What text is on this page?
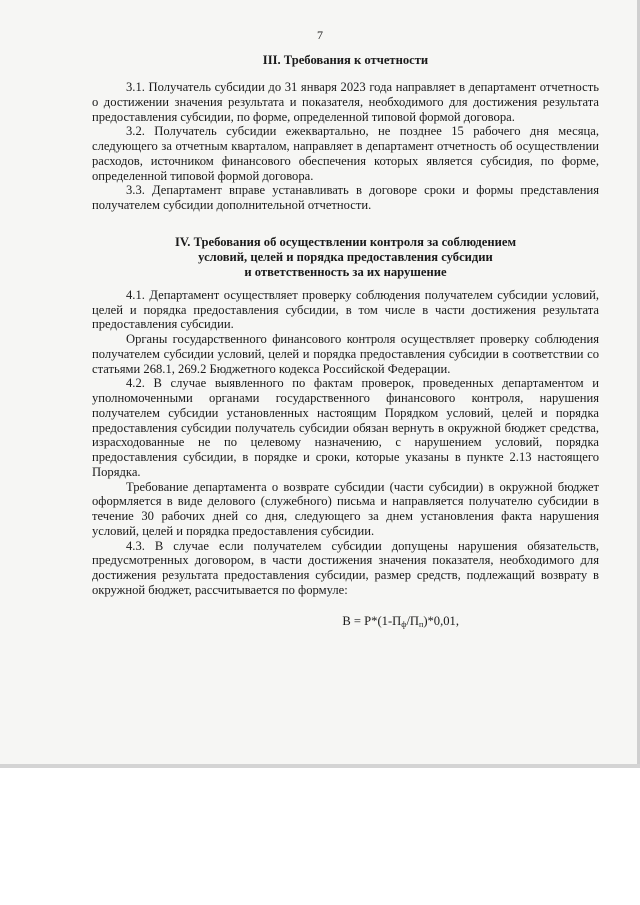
7
III. Требования к отчетности

3.1. Получатель субсидии до 31 января 2023 года направляет в департамент отчетность о достижении значения результата и показателя, необходимого для достижения результата предоставления субсидии, по форме, определенной типовой формой договора.

3.2. Получатель субсидии ежеквартально, не позднее 15 рабочего дня месяца, следующего за отчетным кварталом, направляет в департамент отчетность об осуществлении расходов, источником финансового обеспечения которых является субсидия, по форме, определенной типовой формой договора.

3.3. Департамент вправе устанавливать в договоре сроки и формы представления получателем субсидии дополнительной отчетности.

IV. Требования об осуществлении контроля за соблюдением
условий, целей и порядка предоставления субсидии
и ответственность за их нарушение

4.1. Департамент осуществляет проверку соблюдения получателем субсидии условий, целей и порядка предоставления субсидии, в том числе в части достижения результата предоставления субсидии.

Органы государственного финансового контроля осуществляет проверку соблюдения получателем субсидии условий, целей и порядка предоставления субсидии в соответствии со статьями 268.1, 269.2 Бюджетного кодекса Российской Федерации.

4.2. В случае выявленного по фактам проверок, проведенных департаментом и уполномоченными органами государственного финансового контроля, нарушения получателем субсидии установленных настоящим Порядком условий, целей и порядка предоставления субсидии получатель субсидии обязан вернуть в окружной бюджет средства, израсходованные не по целевому назначению, с нарушением условий, порядка предоставления субсидии, в порядке и сроки, которые указаны в пункте 2.13 настоящего Порядка.

Требование департамента о возврате субсидии (части субсидии) в окружной бюджет оформляется в виде делового (служебного) письма и направляется получателю субсидии в течение 30 рабочих дней со дня, следующего за днем установления факта нарушения условий, целей и порядка предоставления субсидии.

4.3. В случае если получателем субсидии допущены нарушения обязательств, предусмотренных договором, в части достижения значения показателя, необходимого для достижения результата предоставления субсидии, размер средств, подлежащий возврату в окружной бюджет, рассчитывается по формуле:

$В = Р*(1-П_ф/П_п)*0,01$,
